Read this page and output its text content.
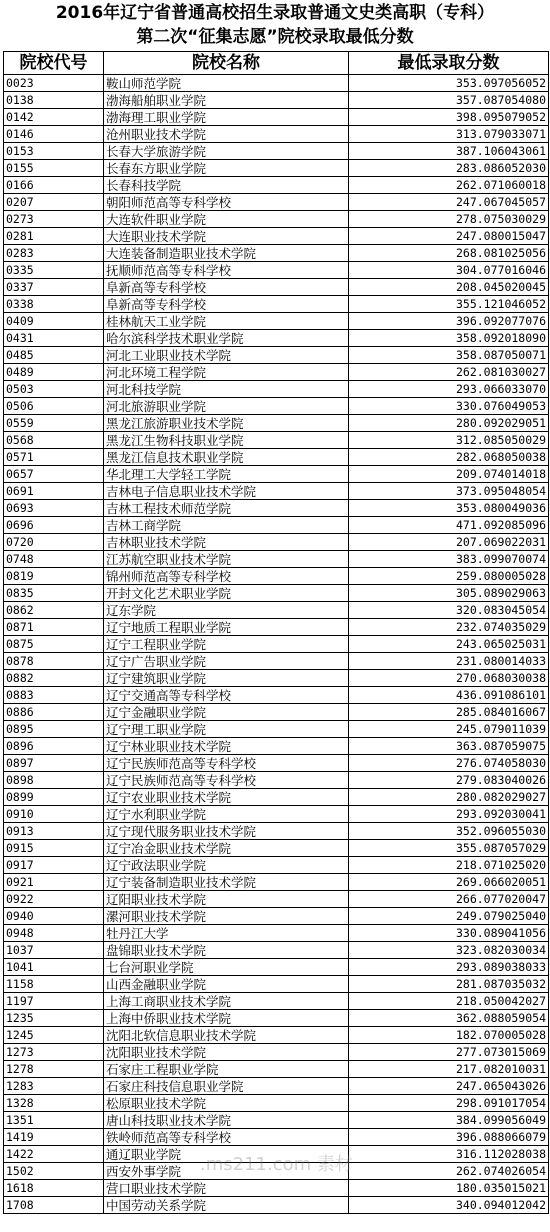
2016年辽宁省普通高校招生录取普通文史类高职（专科）
第二次“征集志愿”院校录取最低分数
院校代号	院校名称	最低录取分数
0023	鞍山师范学院	353.097056052
0138	渤海船舶职业学院	357.087054080
0142	渤海理工职业学院	398.095079052
0146	沧州职业技术学院	313.079033071
0153	长春大学旅游学院	387.106043061
0155	长春东方职业学院	283.086052030
0166	长春科技学院	262.071060018
0207	朝阳师范高等专科学校	247.067045057
0273	大连软件职业学院	278.075030029
0281	大连职业技术学院	247.080015047
0283	大连装备制造职业技术学院	268.081025056
0335	抚顺师范高等专科学校	304.077016046
0337	阜新高等专科学校	208.045020045
0338	阜新高等专科学校	355.121046052
0409	桂林航天工业学院	396.092077076
0431	哈尔滨科学技术职业学院	358.092018090
0485	河北工业职业技术学院	358.087050071
0489	河北环境工程学院	262.081030027
0503	河北科技学院	293.066033070
0506	河北旅游职业学院	330.076049053
0559	黑龙江旅游职业技术学院	280.092029051
0568	黑龙江生物科技职业学院	312.085050029
0571	黑龙江信息技术职业学院	282.068050038
0657	华北理工大学轻工学院	209.074014018
0691	吉林电子信息职业技术学院	373.095048054
0693	吉林工程技术师范学院	353.080049036
0696	吉林工商学院	471.092085096
0720	吉林职业技术学院	207.069022031
0748	江苏航空职业技术学院	383.099070074
0819	锦州师范高等专科学校	259.080005028
0835	开封文化艺术职业学院	305.089029063
0862	辽东学院	320.083045054
0871	辽宁地质工程职业学院	232.074035029
0875	辽宁工程职业学院	243.065025031
0878	辽宁广告职业学院	231.080014033
0882	辽宁建筑职业学院	270.068030038
0883	辽宁交通高等专科学校	436.091086101
0886	辽宁金融职业学院	285.084016067
0895	辽宁理工职业学院	245.079011039
0896	辽宁林业职业技术学院	363.087059075
0897	辽宁民族师范高等专科学校	276.074058030
0898	辽宁民族师范高等专科学校	279.083040026
0899	辽宁农业职业技术学院	280.082029027
0910	辽宁水利职业学院	293.092030041
0913	辽宁现代服务职业技术学院	352.096055030
0915	辽宁冶金职业技术学院	355.087057029
0917	辽宁政法职业学院	218.071025020
0921	辽宁装备制造职业技术学院	269.066020051
0922	辽阳职业技术学院	266.077020047
0940	漯河职业技术学院	249.079025040
0948	牡丹江大学	330.089041056
1037	盘锦职业技术学院	323.082030034
1041	七台河职业学院	293.089038033
1158	山西金融职业学院	281.087035032
1197	上海工商职业技术学院	218.050042027
1235	上海中侨职业技术学院	362.088059054
1245	沈阳北软信息职业技术学院	182.070005028
1273	沈阳职业技术学院	277.073015069
1278	石家庄工程职业学院	217.082010031
1283	石家庄科技信息职业学院	247.065043026
1328	松原职业技术学院	298.091017054
1351	唐山科技职业技术学院	384.099056049
1419	铁岭师范高等专科学校	396.088066079
1422	通辽职业学院	316.112028038
1502	西安外事学院	262.074026054
1618	营口职业技术学院	180.035015021
1708	中国劳动关系学院	340.094012042
.ms211.com 素材
